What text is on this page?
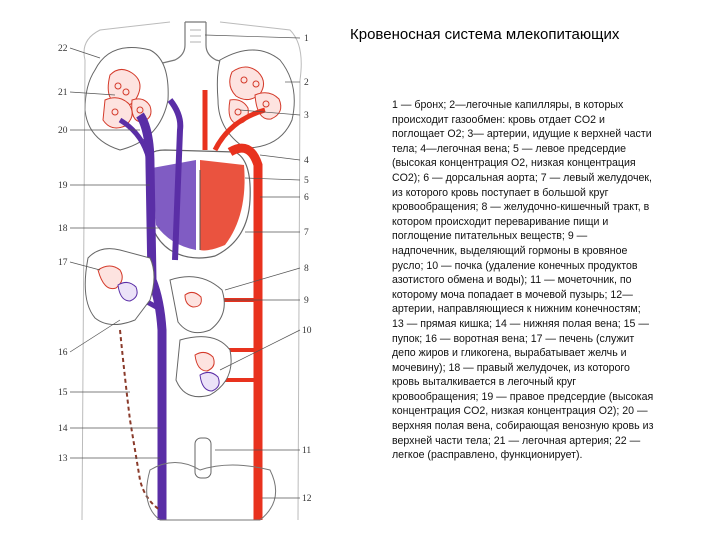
1
2
3
4
5
6
7
8
9
10
11
12
22
21
20
19
18
17
16
15
14
13
Кровеносная система млекопитающих
1 — бронх; 2—легочные капилляры, в которых происходит газообмен: кровь отдает CO2 и поглощает O2; 3— артерии, идущие к верхней части тела; 4—легочная вена; 5 — левое предсердие (высокая концентрация O2, низкая концентрация CO2); 6 — дорсальная аорта; 7 — левый желудочек, из которого кровь поступает в большой круг кровообращения; 8 — желудочно-кишечный тракт, в котором происходит переваривание пищи и поглощение питательных веществ; 9 — надпочечник, выделяющий гормоны в кровяное русло; 10 — почка (удаление конечных продуктов азотистого обмена и воды); 11 — мочеточник, по которому моча попадает в мочевой пузырь; 12—артерии, направляющиеся к нижним конечностям; 13 — прямая кишка; 14 — нижняя полая вена; 15 — пупок; 16 — воротная вена; 17 — печень (служит депо жиров и гликогена, вырабатывает желчь и мочевину); 18 — правый желудочек, из которого кровь выталкивается в легочный круг кровообращения; 19 — правое предсердие (высокая концентрация CO2, низкая концентрация O2); 20 — верхняя полая вена, собирающая венозную кровь из верхней части тела; 21 — легочная артерия; 22 — легкое (расправлено, функционирует).
